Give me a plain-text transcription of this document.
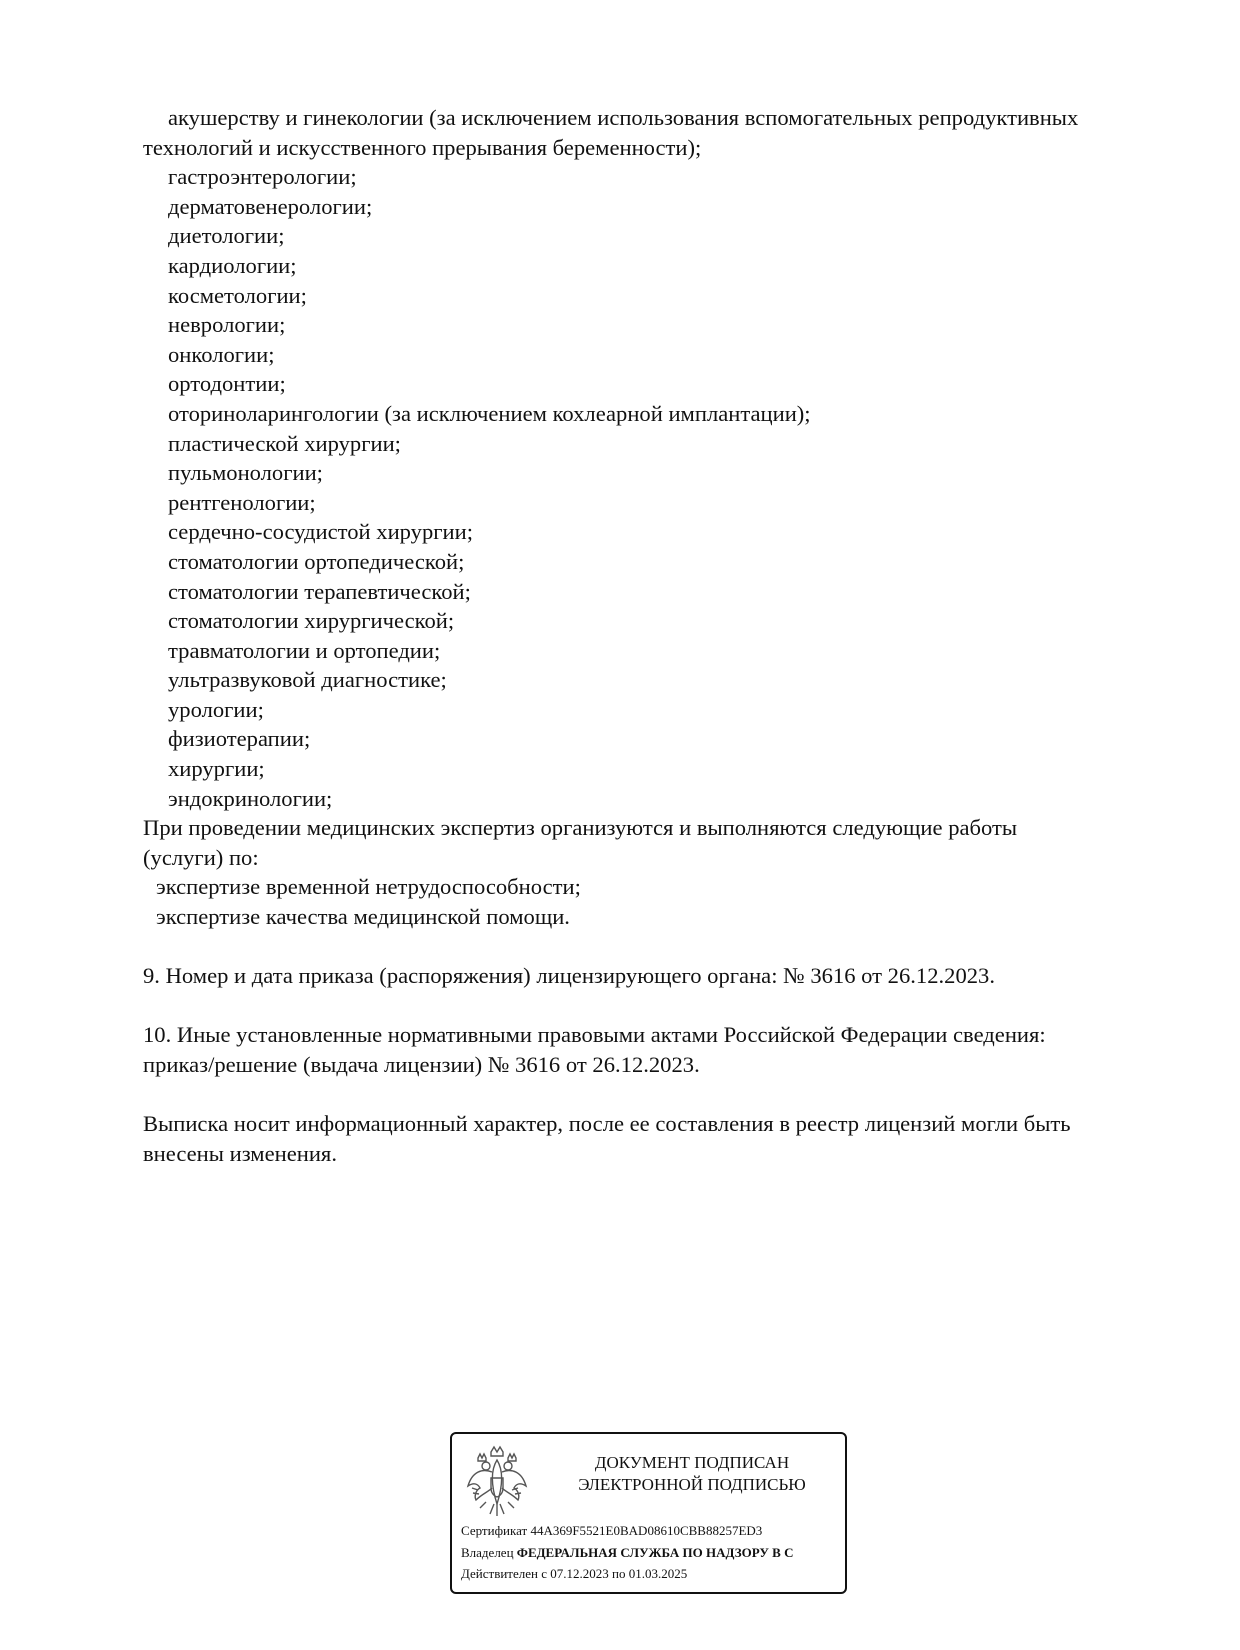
акушерству и гинекологии (за исключением использования вспомогательных репродуктивных
технологий и искусственного прерывания беременности);
гастроэнтерологии;
дерматовенерологии;
диетологии;
кардиологии;
косметологии;
неврологии;
онкологии;
ортодонтии;
оториноларингологии (за исключением кохлеарной имплантации);
пластической хирургии;
пульмонологии;
рентгенологии;
сердечно-сосудистой хирургии;
стоматологии ортопедической;
стоматологии терапевтической;
стоматологии хирургической;
травматологии и ортопедии;
ультразвуковой диагностике;
урологии;
физиотерапии;
хирургии;
эндокринологии;
При проведении медицинских экспертиз организуются и выполняются следующие работы
(услуги) по:
экспертизе временной нетрудоспособности;
экспертизе качества медицинской помощи.
9. Номер и дата приказа (распоряжения) лицензирующего органа: № 3616 от 26.12.2023.
10. Иные установленные нормативными правовыми актами Российской Федерации сведения:
приказ/решение (выдача лицензии) № 3616 от 26.12.2023.
Выписка носит информационный характер, после ее составления в реестр лицензий могли быть
внесены изменения.
ДОКУМЕНТ ПОДПИСАН
ЭЛЕКТРОННОЙ ПОДПИСЬЮ
Сертификат 44A369F5521E0BAD08610CBB88257ED3
Владелец ФЕДЕРАЛЬНАЯ СЛУЖБА ПО НАДЗОРУ В С
Действителен с 07.12.2023 по 01.03.2025
